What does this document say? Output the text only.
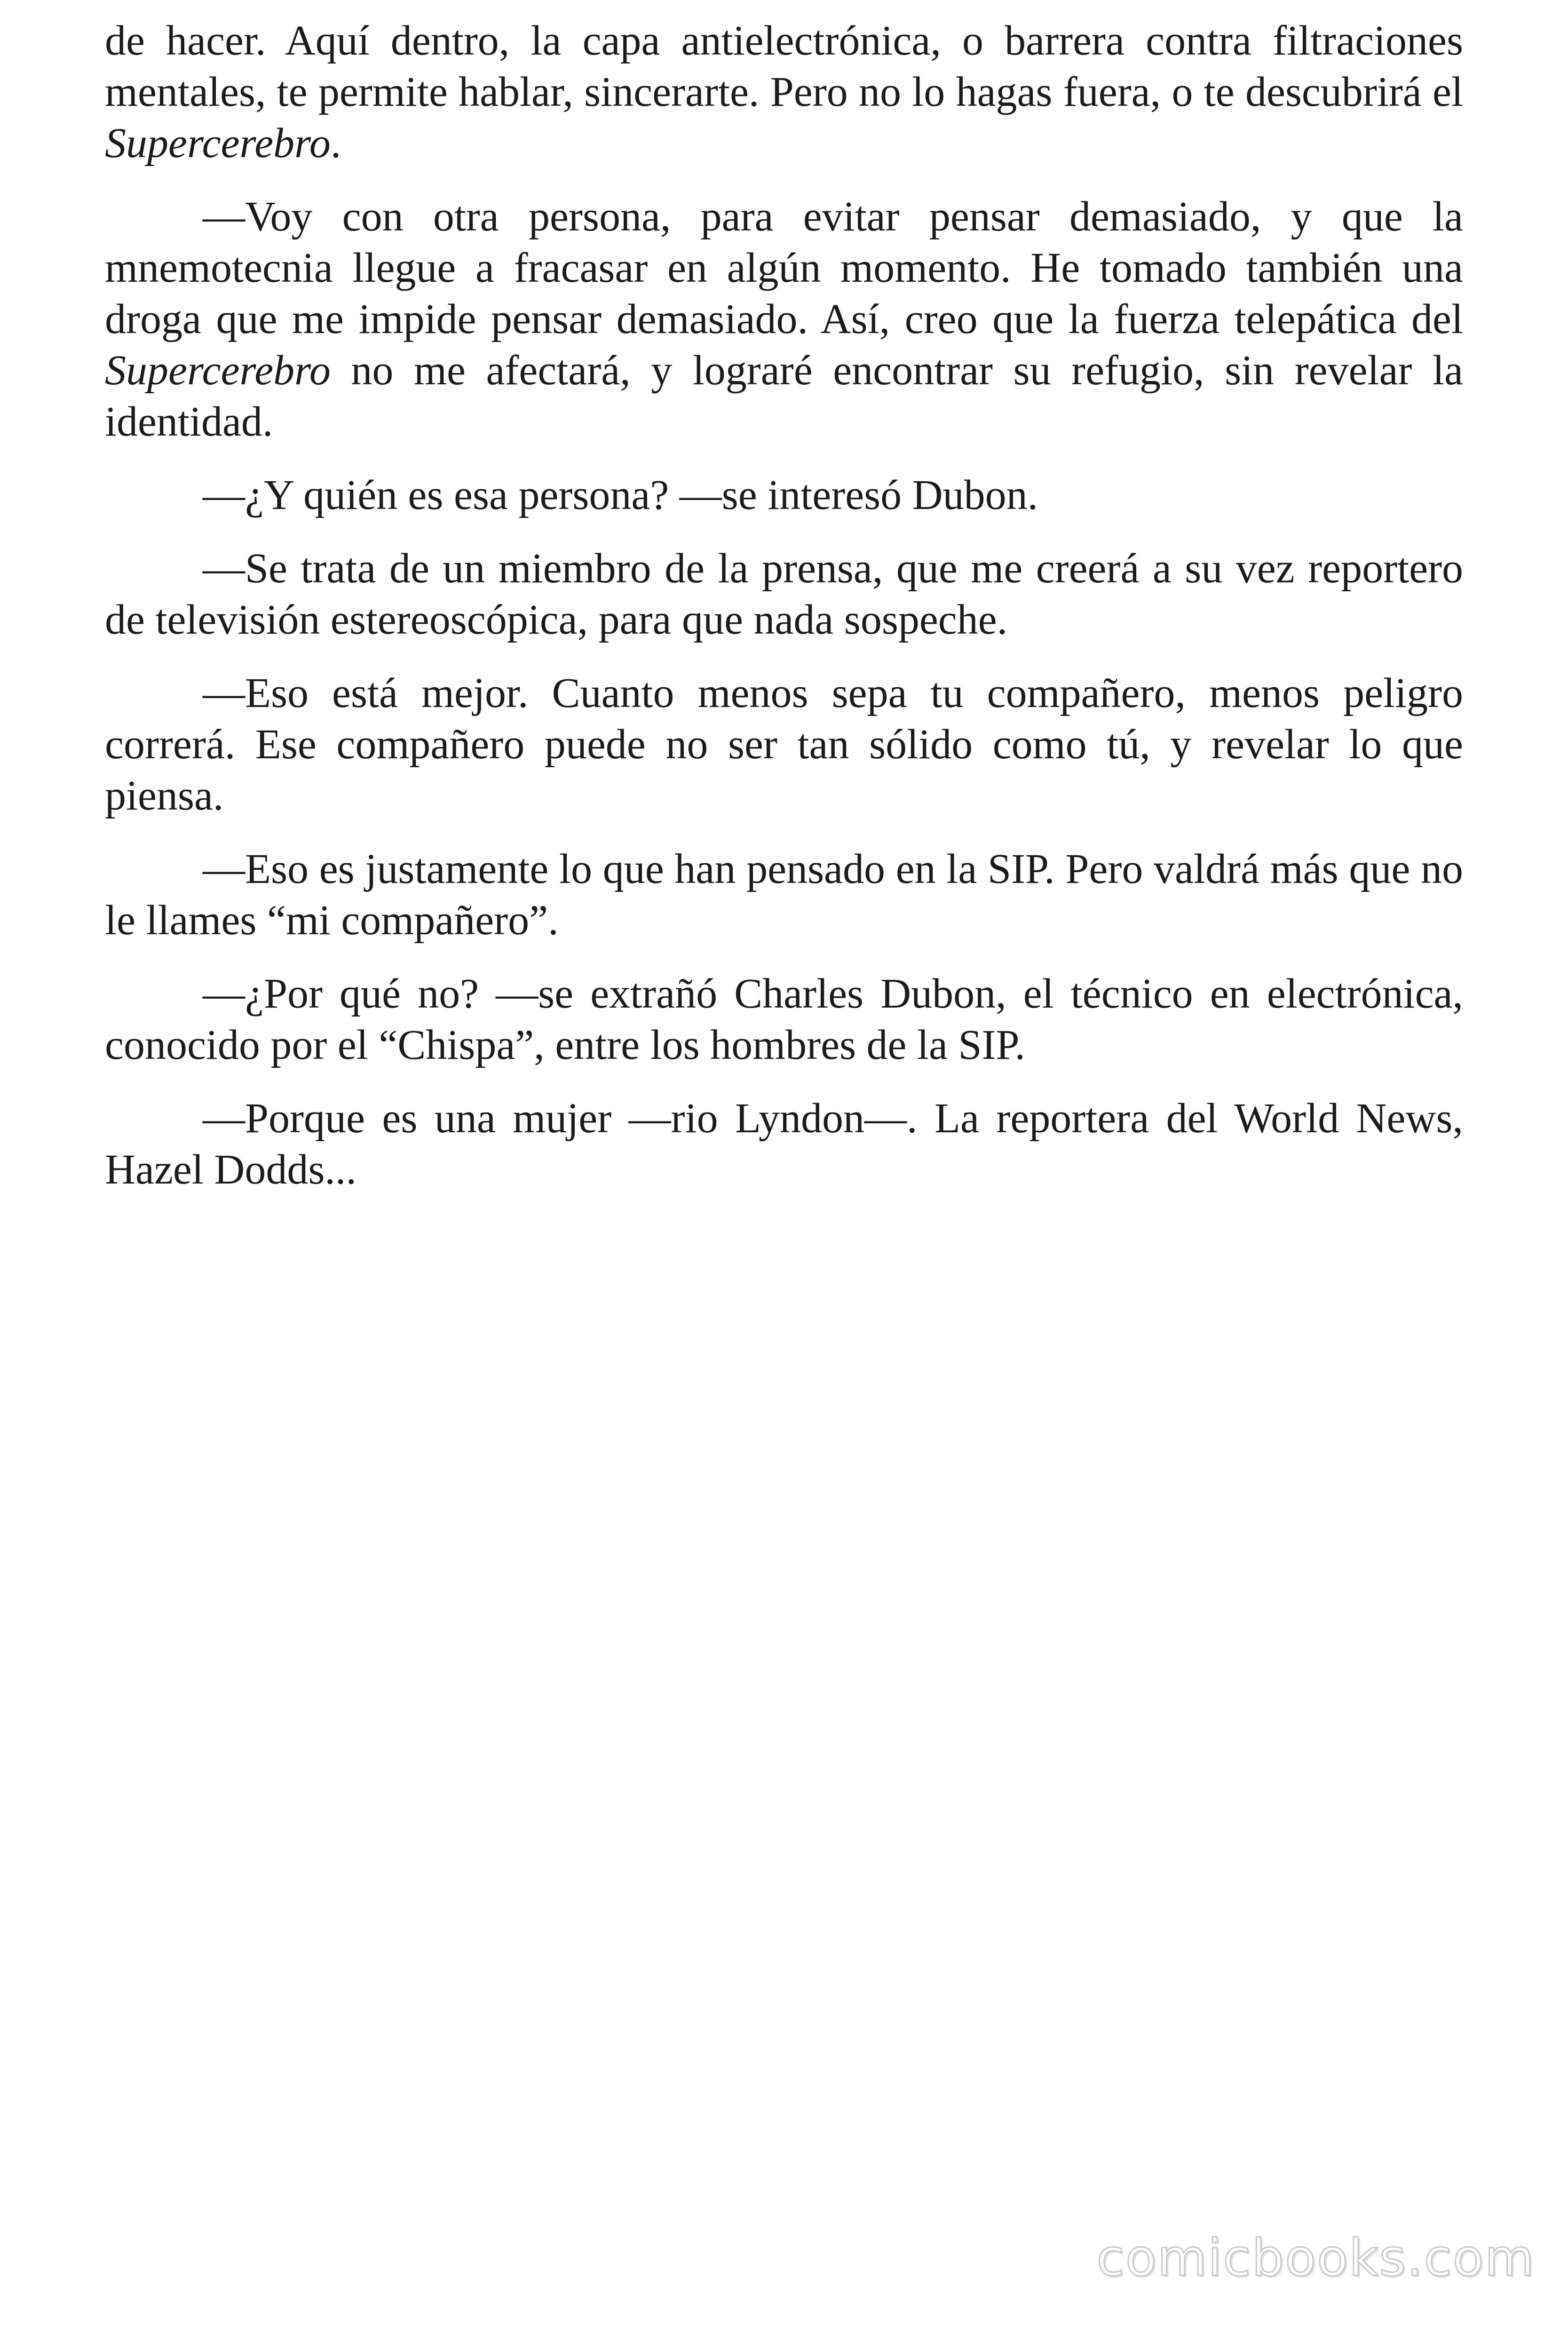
de hacer. Aquí dentro, la capa antielectrónica, o barrera contra filtraciones mentales, te permite hablar, sincerarte. Pero no lo hagas fuera, o te descubrirá el Supercerebro.

—Voy con otra persona, para evitar pensar demasiado, y que la mnemotecnia llegue a fracasar en algún momento. He tomado también una droga que me impide pensar demasiado. Así, creo que la fuerza telepática del Supercerebro no me afectará, y lograré encontrar su refugio, sin revelar la identidad.

—¿Y quién es esa persona? —se interesó Dubon.

—Se trata de un miembro de la prensa, que me creerá a su vez reportero de televisión estereoscópica, para que nada sospeche.

—Eso está mejor. Cuanto menos sepa tu compañero, menos peligro correrá. Ese compañero puede no ser tan sólido como tú, y revelar lo que piensa.

—Eso es justamente lo que han pensado en la SIP. Pero valdrá más que no le llames “mi compañero”.

—¿Por qué no? —se extrañó Charles Dubon, el técnico en electrónica, conocido por el “Chispa”, entre los hombres de la SIP.

—Porque es una mujer —rio Lyndon—. La reportera del World News, Hazel Dodds...

comicbooks.com
